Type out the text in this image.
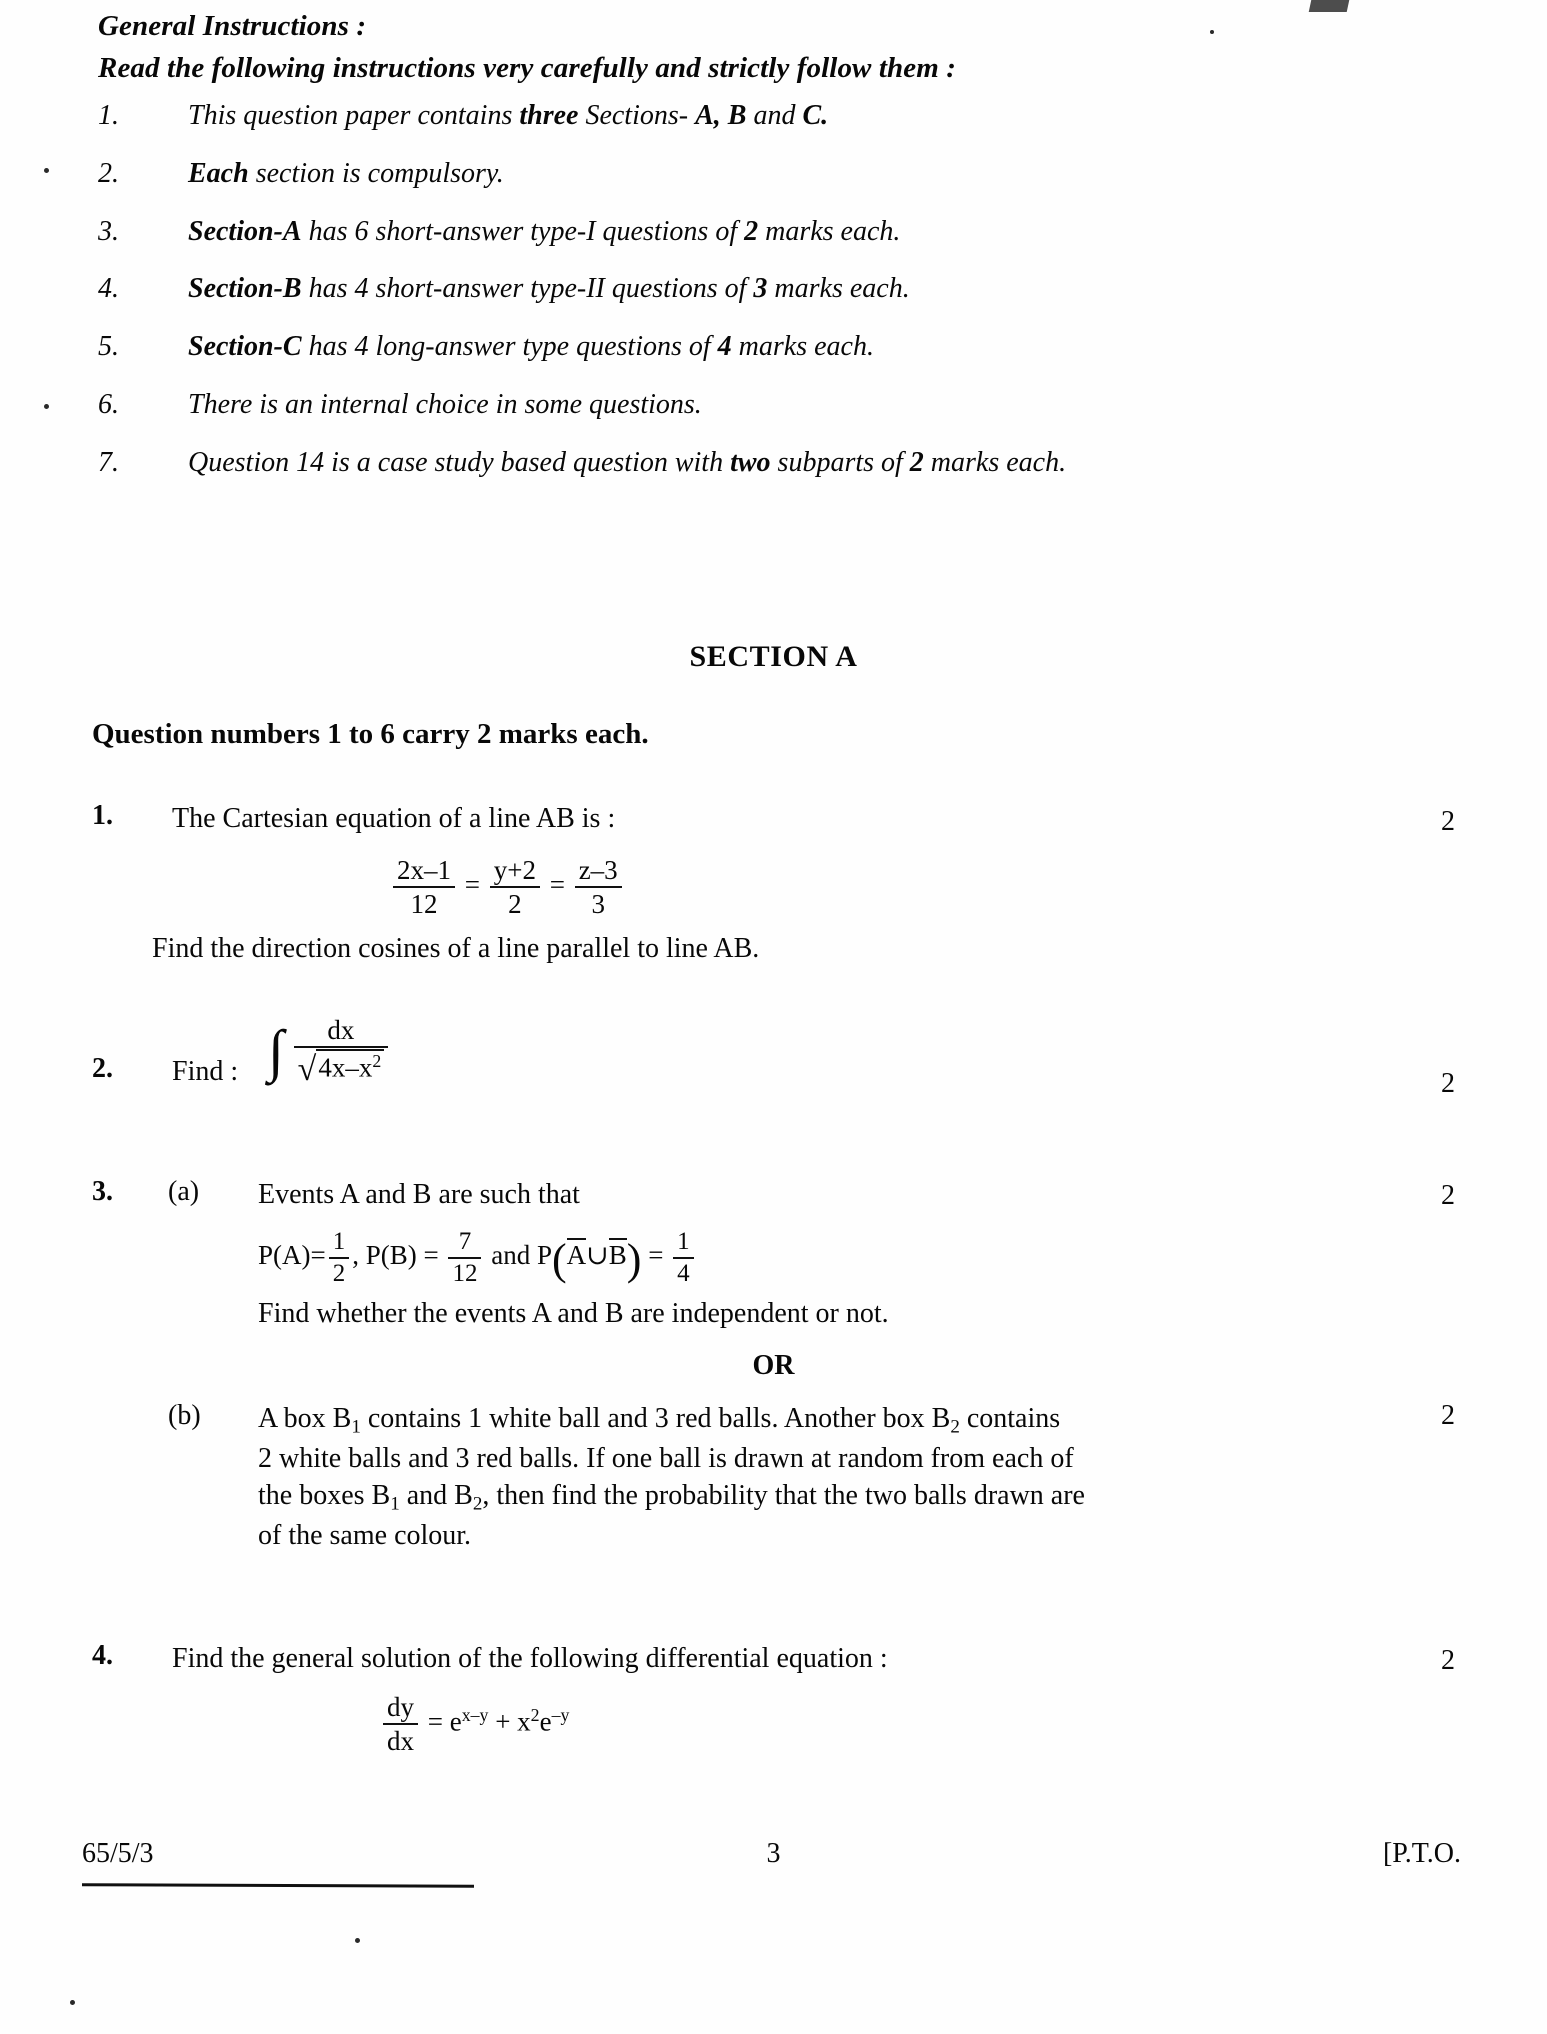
General Instructions :
Read the following instructions very carefully and strictly follow them :
1.	This question paper contains three Sections- A, B and C.
2.	Each section is compulsory.
3.	Section-A has 6 short-answer type-I questions of 2 marks each.
4.	Section-B has 4 short-answer type-II questions of 3 marks each.
5.	Section-C has 4 long-answer type questions of 4 marks each.
6.	There is an internal choice in some questions.
7.	Question 14 is a case study based question with two subparts of 2 marks each.
SECTION A
Question numbers 1 to 6 carry 2 marks each.
1. The Cartesian equation of a line AB is :	2
$\frac{2x-1}{12} = \frac{y+2}{2} = \frac{z-3}{3}$
Find the direction cosines of a line parallel to line AB.
2. Find :	2
∫ $\frac{dx}{√4x-x^2}$
3. (a) Events A and B are such that	2
$P(A)= \frac{1}{2}$ , $P(B) = \frac{7}{12}$ and P(A∪B) = $\frac{1}{4}$
Find whether the events A and B are independent or not.
OR
(b)	2
A box $B_1$ contains 1 white ball and 3 red balls. Another box $B_2$ contains
2 white balls and 3 red balls. If one ball is drawn at random from each of
the boxes $B_1$ and $B_2$, then find the probability that the two balls drawn are
of the same colour.
4. Find the general solution of the following differential equation :	2
$\frac{dy}{dx} = e^{x-y} + x^2e^{-y}$
65/5/3	3	[P.T.O.
